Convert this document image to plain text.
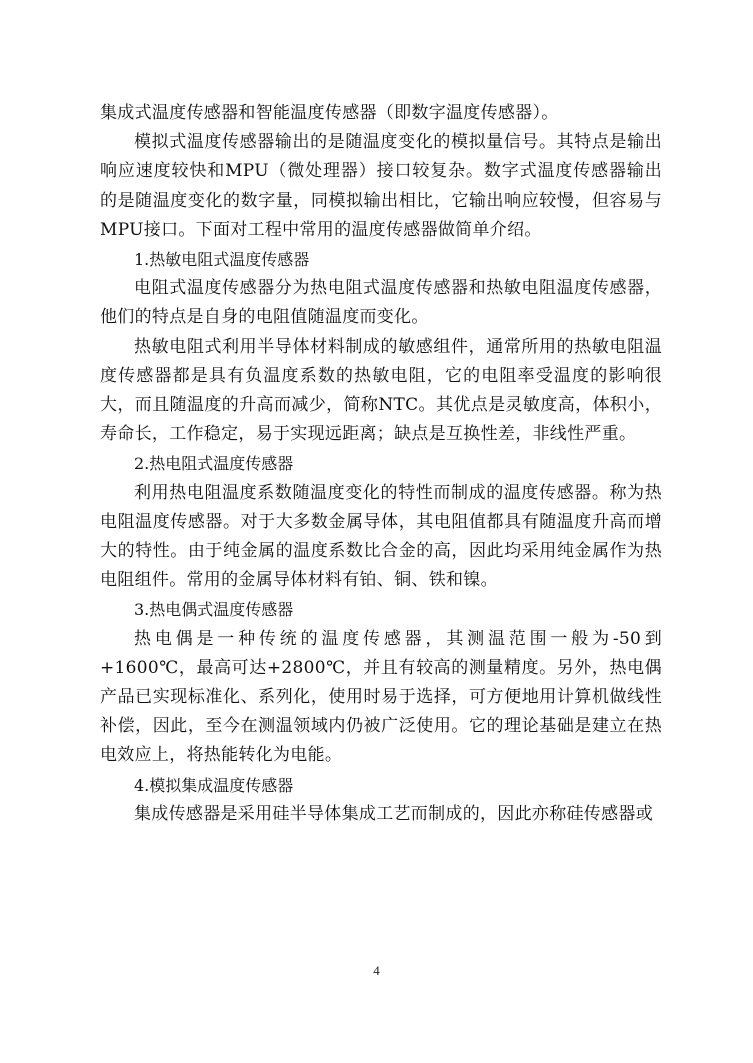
集成式温度传感器和智能温度传感器（即数字温度传感器）。

模拟式温度传感器输出的是随温度变化的模拟量信号。其特点是输出响应速度较快和MPU（微处理器）接口较复杂。数字式温度传感器输出的是随温度变化的数字量，同模拟输出相比，它输出响应较慢，但容易与MPU接口。下面对工程中常用的温度传感器做简单介绍。

1.热敏电阻式温度传感器

电阻式温度传感器分为热电阻式温度传感器和热敏电阻温度传感器，他们的特点是自身的电阻值随温度而变化。

热敏电阻式利用半导体材料制成的敏感组件，通常所用的热敏电阻温度传感器都是具有负温度系数的热敏电阻，它的电阻率受温度的影响很大，而且随温度的升高而减少，简称NTC。其优点是灵敏度高，体积小，寿命长，工作稳定，易于实现远距离；缺点是互换性差，非线性严重。

2.热电阻式温度传感器

利用热电阻温度系数随温度变化的特性而制成的温度传感器。称为热电阻温度传感器。对于大多数金属导体，其电阻值都具有随温度升高而增大的特性。由于纯金属的温度系数比合金的高，因此均采用纯金属作为热电阻组件。常用的金属导体材料有铂、铜、铁和镍。

3.热电偶式温度传感器

热电偶是一种传统的温度传感器，其测温范围一般为-50到+1600℃，最高可达+2800℃，并且有较高的测量精度。另外，热电偶产品已实现标准化、系列化，使用时易于选择，可方便地用计算机做线性补偿，因此，至今在测温领域内仍被广泛使用。它的理论基础是建立在热电效应上，将热能转化为电能。

4.模拟集成温度传感器

集成传感器是采用硅半导体集成工艺而制成的，因此亦称硅传感器或

4
